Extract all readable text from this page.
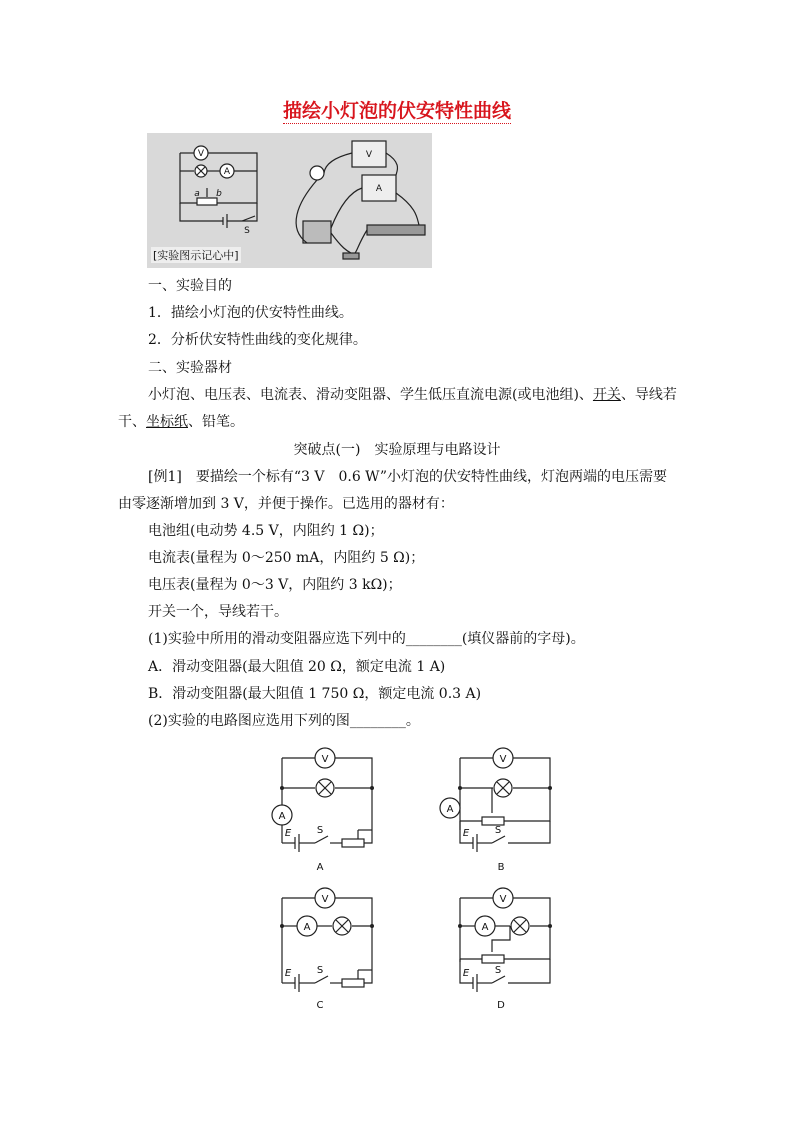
描绘小灯泡的伏安特性曲线
V
A
a b
S
V
A
[实验图示记心中]
一、实验目的
1．描绘小灯泡的伏安特性曲线。
2．分析伏安特性曲线的变化规律。
二、实验器材
小灯泡、电压表、电流表、滑动变阻器、学生低压直流电源(或电池组)、开关、导线若
干、坐标纸、铅笔。
突破点(一)　实验原理与电路设计
[例1]　要描绘一个标有“3 V　0.6 W”小灯泡的伏安特性曲线，灯泡两端的电压需要
由零逐渐增加到 3 V，并便于操作。已选用的器材有：
电池组(电动势 4.5 V，内阻约 1 Ω)；
电流表(量程为 0～250 mA，内阻约 5 Ω)；
电压表(量程为 0～3 V，内阻约 3 kΩ)；
开关一个，导线若干。
(1)实验中所用的滑动变阻器应选下列中的________(填仪器前的字母)。
A．滑动变阻器(最大阻值 20 Ω，额定电流 1 A)
B．滑动变阻器(最大阻值 1 750 Ω，额定电流 0.3 A)
(2)实验的电路图应选用下列的图________。
V
A
E	S
A
V
A
E	S
B
V
A
E	S
C
V
A
E	S
D
